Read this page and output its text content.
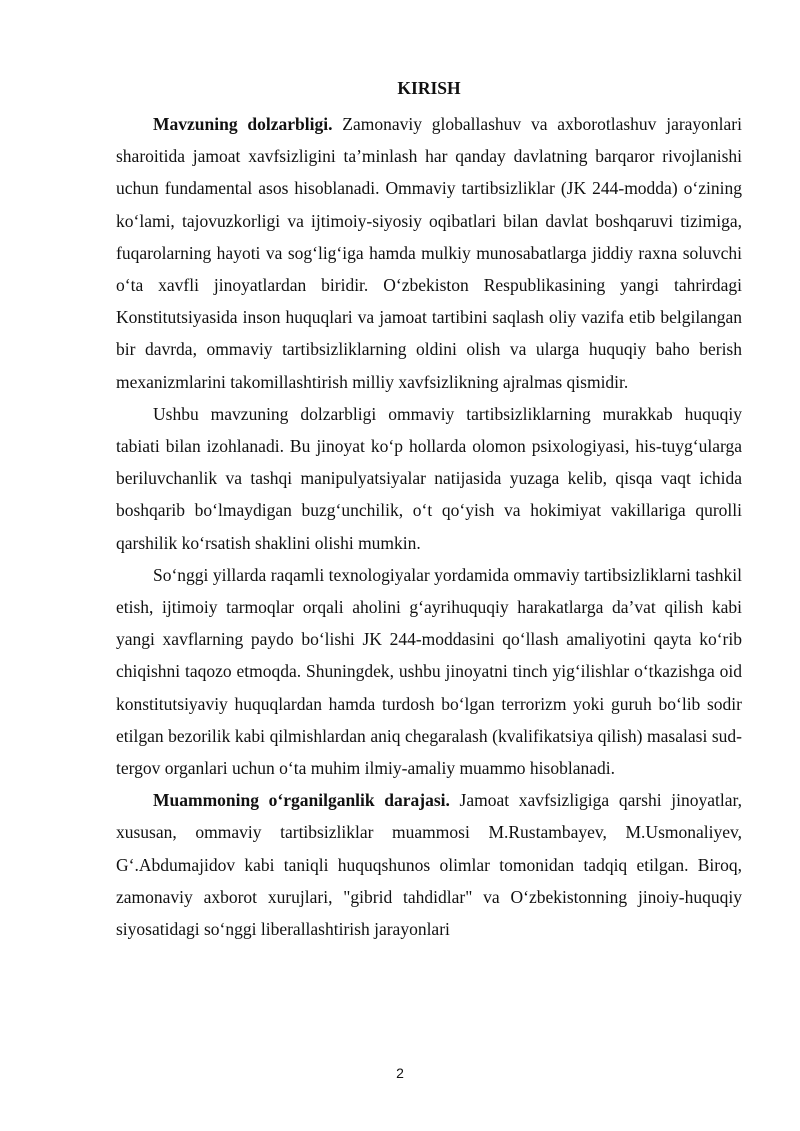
KIRISH

Mavzuning dolzarbligi. Zamonaviy globallashuv va axborotlashuv jarayonlari sharoitida jamoat xavfsizligini ta’minlash har qanday davlatning barqaror rivojlanishi uchun fundamental asos hisoblanadi. Ommaviy tartibsizliklar (JK 244-modda) o‘zining ko‘lami, tajovuzkorligi va ijtimoiy-siyosiy oqibatlari bilan davlat boshqaruvi tizimiga, fuqarolarning hayoti va sog‘lig‘iga hamda mulkiy munosabatlarga jiddiy raxna soluvchi o‘ta xavfli jinoyatlardan biridir. O‘zbekiston Respublikasining yangi tahrirdagi Konstitutsiyasida inson huquqlari va jamoat tartibini saqlash oliy vazifa etib belgilangan bir davrda, ommaviy tartibsizliklarning oldini olish va ularga huquqiy baho berish mexanizmlarini takomillashtirish milliy xavfsizlikning ajralmas qismidir.

Ushbu mavzuning dolzarbligi ommaviy tartibsizliklarning murakkab huquqiy tabiati bilan izohlanadi. Bu jinoyat ko‘p hollarda olomon psixologiyasi, his-tuyg‘ularga beriluvchanlik va tashqi manipulyatsiyalar natijasida yuzaga kelib, qisqa vaqt ichida boshqarib bo‘lmaydigan buzg‘unchilik, o‘t qo‘yish va hokimiyat vakillariga qurolli qarshilik ko‘rsatish shaklini olishi mumkin.

So‘nggi yillarda raqamli texnologiyalar yordamida ommaviy tartibsizliklarni tashkil etish, ijtimoiy tarmoqlar orqali aholini g‘ayrihuquqiy harakatlarga da’vat qilish kabi yangi xavflarning paydo bo‘lishi JK 244-moddasini qo‘llash amaliyotini qayta ko‘rib chiqishni taqozo etmoqda. Shuningdek, ushbu jinoyatni tinch yig‘ilishlar o‘tkazishga oid konstitutsiyaviy huquqlardan hamda turdosh bo‘lgan terrorizm yoki guruh bo‘lib sodir etilgan bezorilik kabi qilmishlardan aniq chegaralash (kvalifikatsiya qilish) masalasi sud-tergov organlari uchun o‘ta muhim ilmiy-amaliy muammo hisoblanadi.

Muammoning o‘rganilganlik darajasi. Jamoat xavfsizligiga qarshi jinoyatlar, xususan, ommaviy tartibsizliklar muammosi M.Rustambayev, M.Usmonaliyev, G‘.Abdumajidov kabi taniqli huquqshunos olimlar tomonidan tadqiq etilgan. Biroq, zamonaviy axborot xurujlari, "gibrid tahdidlar" va O‘zbekistonning jinoiy-huquqiy siyosatidagi so‘nggi liberallashtirish jarayonlari

2
